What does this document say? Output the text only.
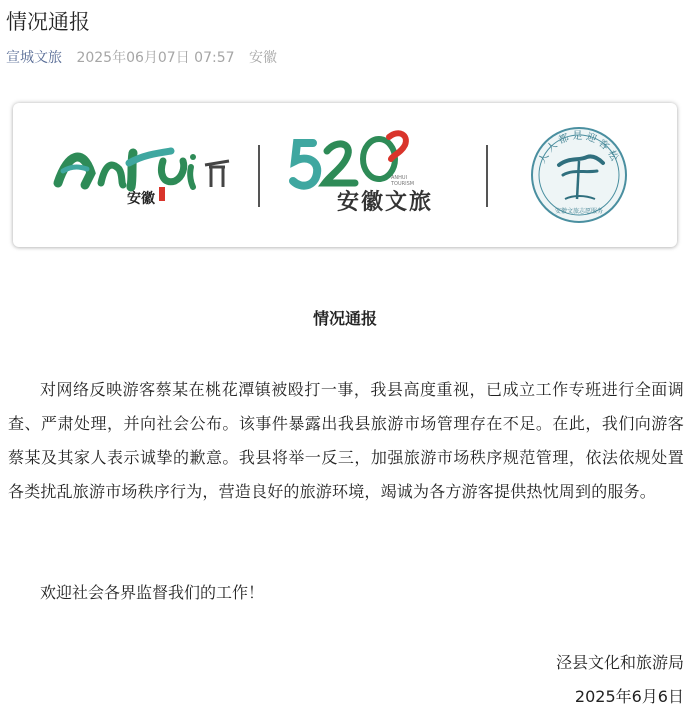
情况通报
宣城文旅 2025年06月07日 07:57 安徽
安徽
ANHUI
TOURISM
安徽文旅
人人都是迎客松
安徽文旅志愿服务
情况通报

对网络反映游客蔡某在桃花潭镇被殴打一事，我县高度重视，已成立工作专班进行全面调查、严肃处理，并向社会公布。该事件暴露出我县旅游市场管理存在不足。在此，我们向游客蔡某及其家人表示诚挚的歉意。我县将举一反三，加强旅游市场秩序规范管理，依法依规处置各类扰乱旅游市场秩序行为，营造良好的旅游环境，竭诚为各方游客提供热忱周到的服务。

欢迎社会各界监督我们的工作！
泾县文化和旅游局
2025年6月6日
